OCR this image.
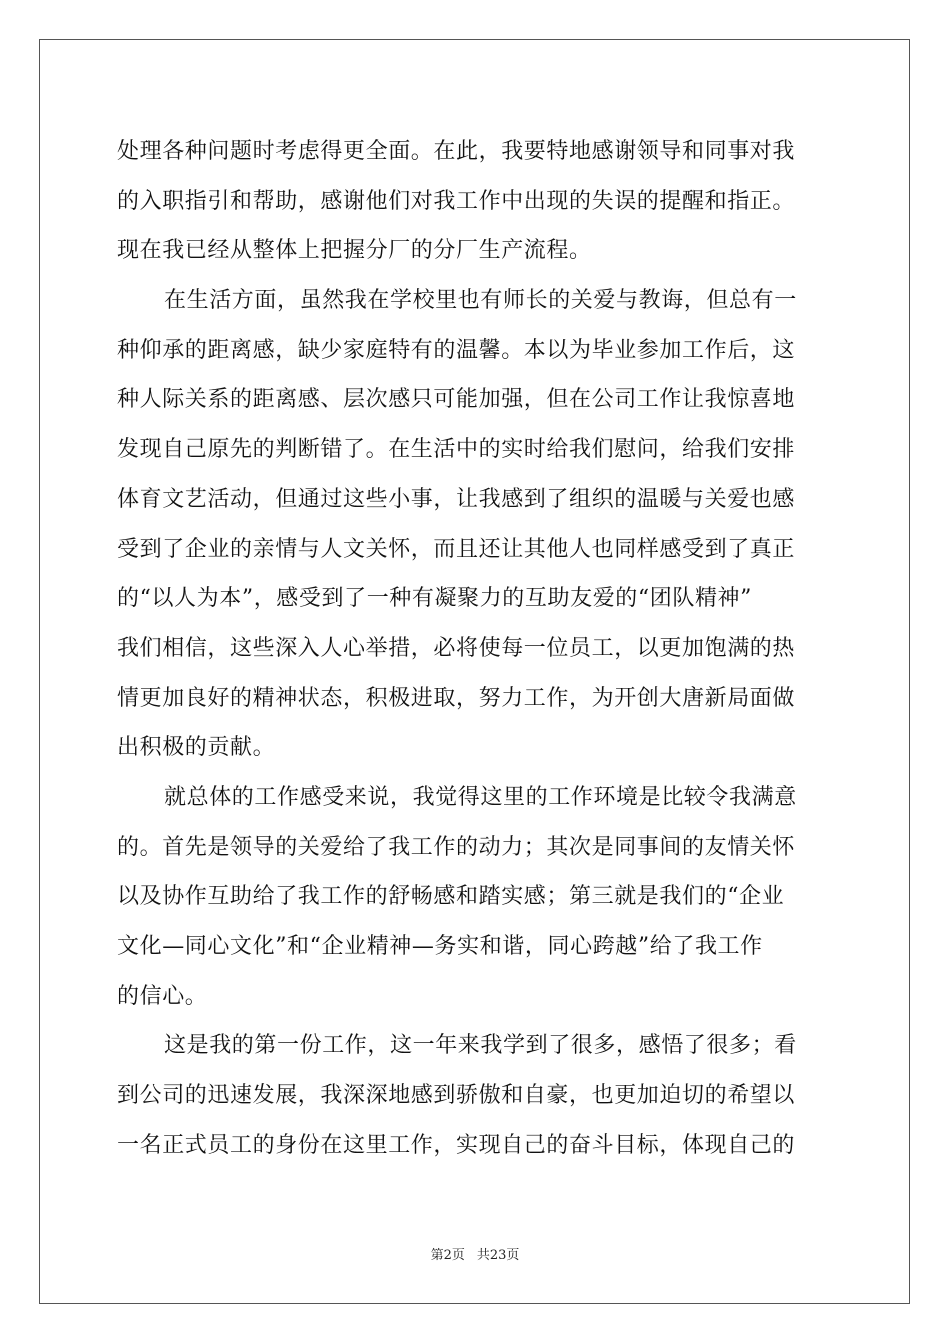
处理各种问题时考虑得更全面。在此，我要特地感谢领导和同事对我
的入职指引和帮助，感谢他们对我工作中出现的失误的提醒和指正。
现在我已经从整体上把握分厂的分厂生产流程。
在生活方面，虽然我在学校里也有师长的关爱与教诲，但总有一
种仰承的距离感，缺少家庭特有的温馨。本以为毕业参加工作后，这
种人际关系的距离感、层次感只可能加强，但在公司工作让我惊喜地
发现自己原先的判断错了。在生活中的实时给我们慰问，给我们安排
体育文艺活动，但通过这些小事，让我感到了组织的温暖与关爱也感
受到了企业的亲情与人文关怀，而且还让其他人也同样感受到了真正
的“以人为本”，感受到了一种有凝聚力的互助友爱的“团队精神”
我们相信，这些深入人心举措，必将使每一位员工，以更加饱满的热
情更加良好的精神状态，积极进取，努力工作，为开创大唐新局面做
出积极的贡献。
就总体的工作感受来说，我觉得这里的工作环境是比较令我满意
的。首先是领导的关爱给了我工作的动力；其次是同事间的友情关怀
以及协作互助给了我工作的舒畅感和踏实感；第三就是我们的“企业
文化—同心文化”和“企业精神—务实和谐，同心跨越”给了我工作
的信心。
这是我的第一份工作，这一年来我学到了很多，感悟了很多；看
到公司的迅速发展，我深深地感到骄傲和自豪，也更加迫切的希望以
一名正式员工的身份在这里工作，实现自己的奋斗目标，体现自己的
第2页 共23页
